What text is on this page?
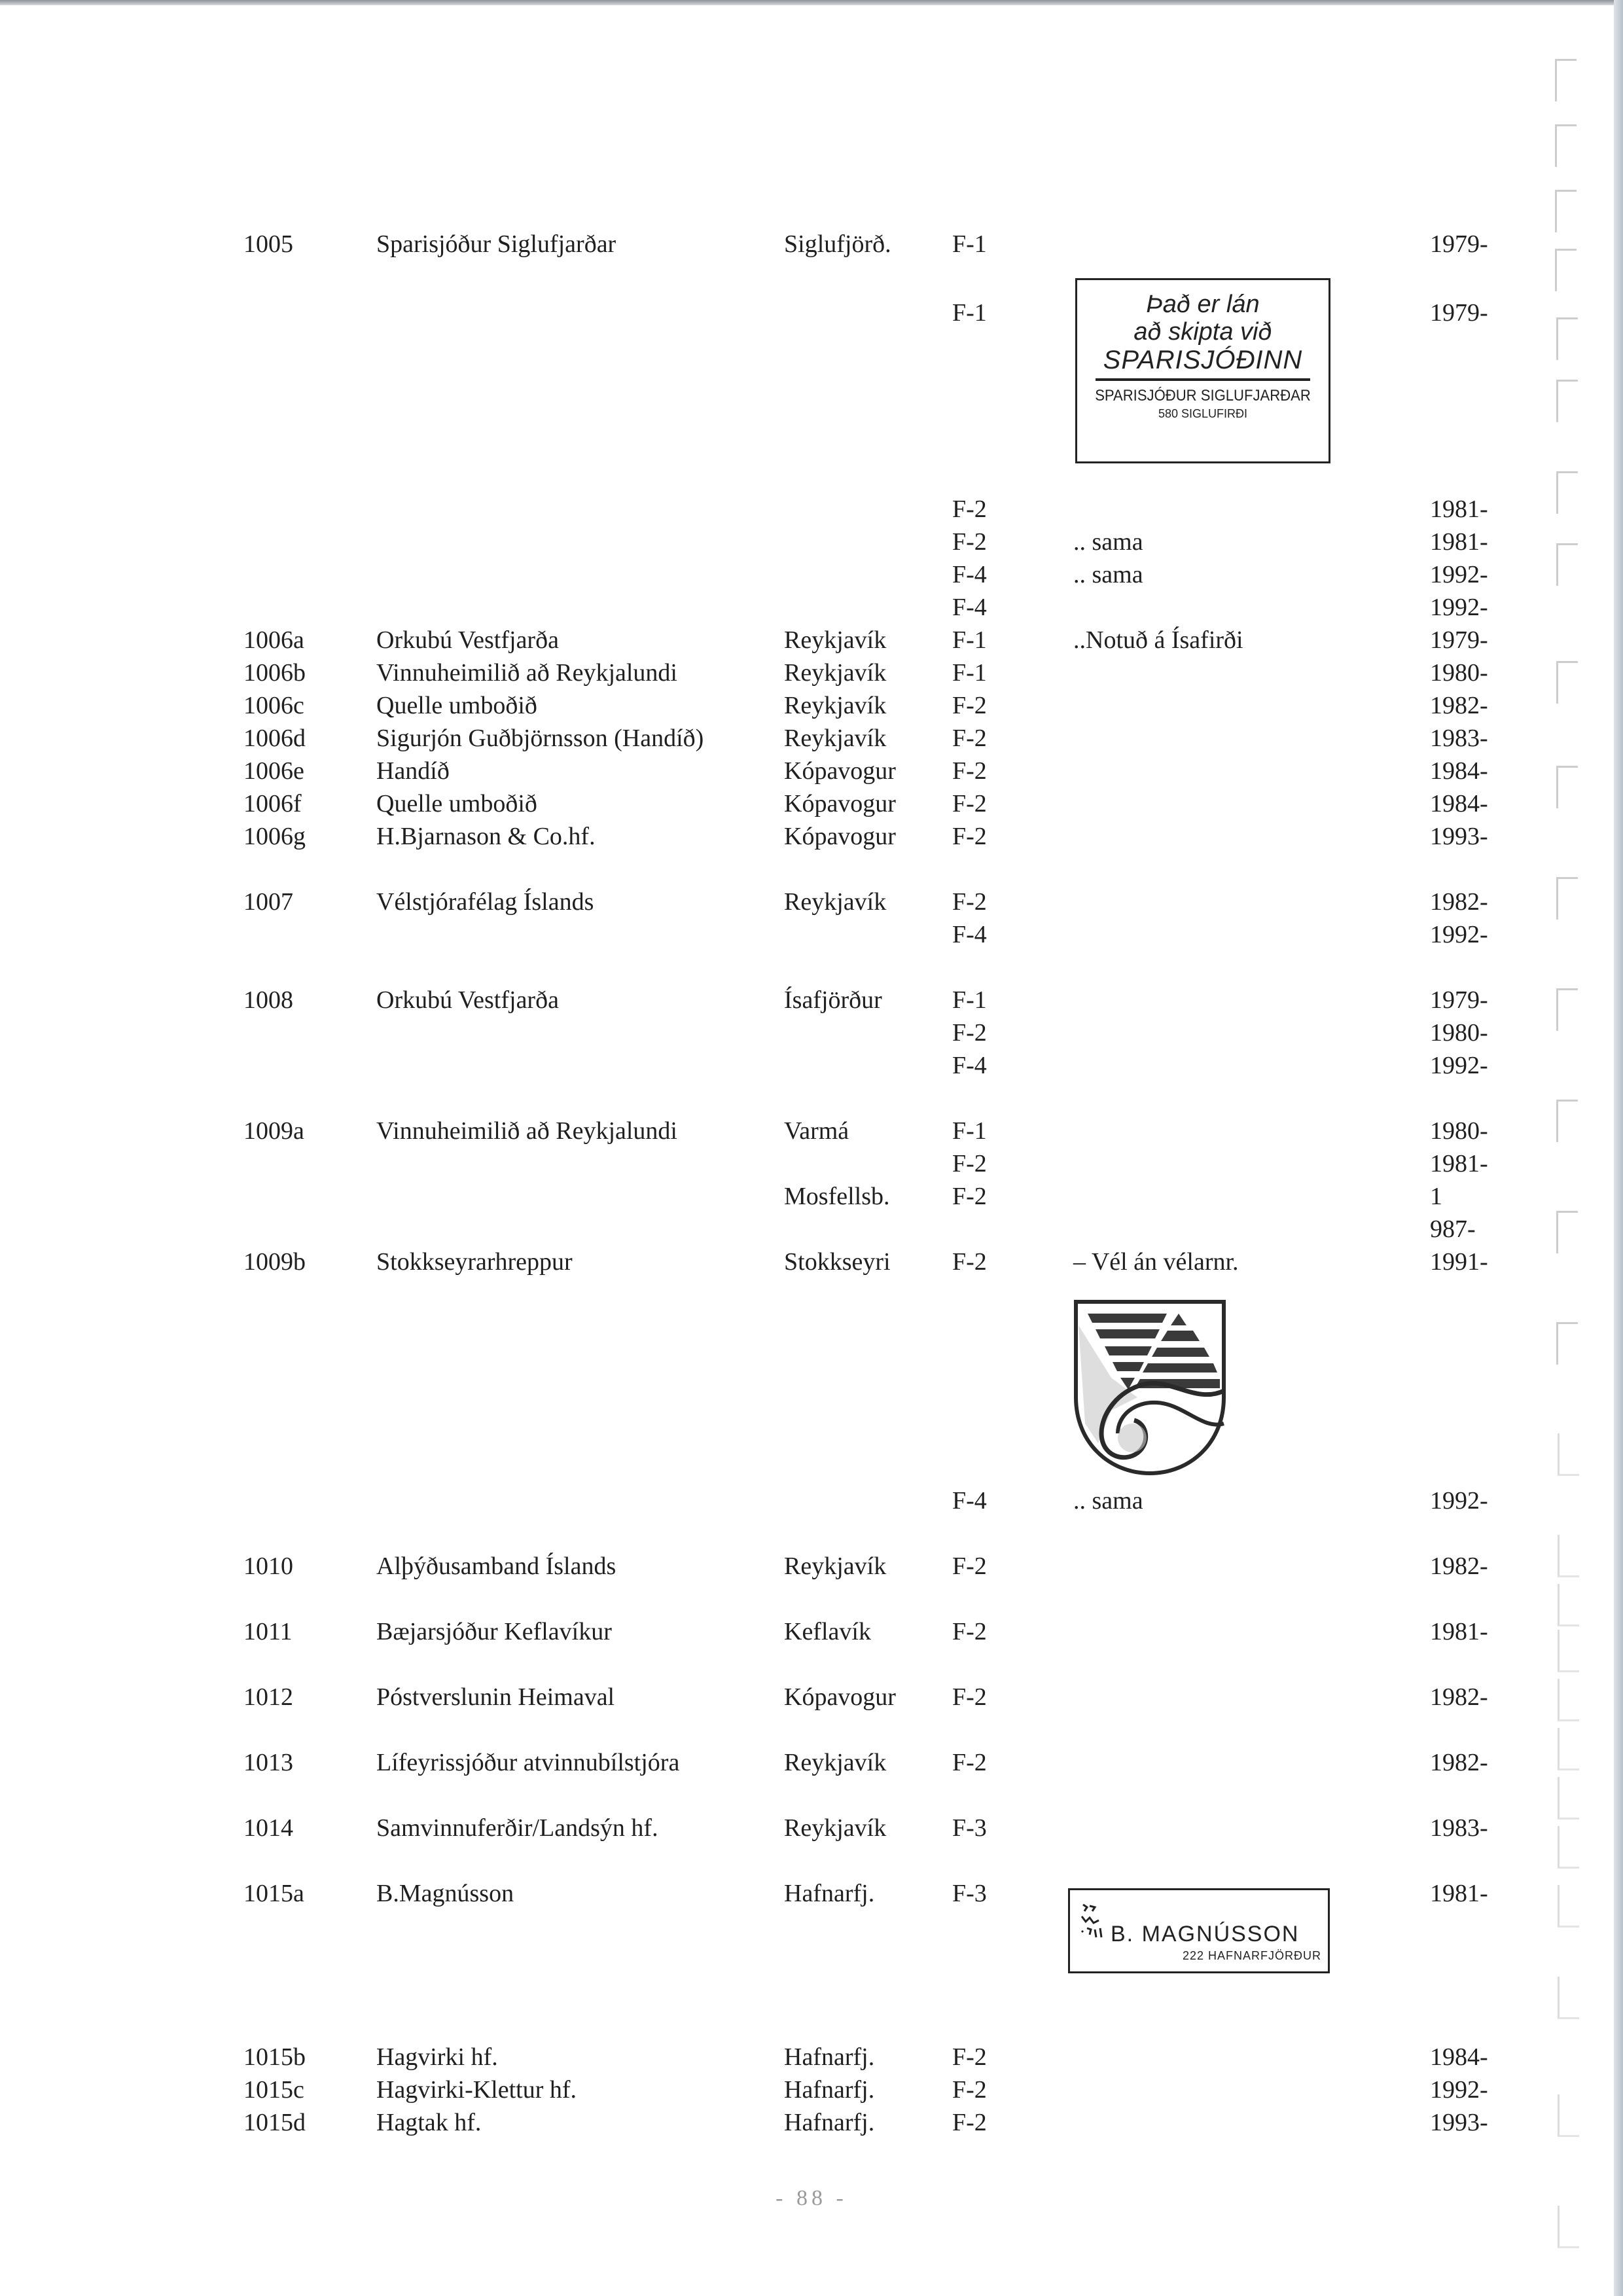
1005	Sparisjóður Siglufjarðar	Siglufjörð. F-1	1979-
F-1	1979-
F-2	1981-
F-2	.. sama	1981-
F-4	.. sama	1992-
F-4	1992-
1006a	Orkubú Vestfjarða	Reykjavík	F-1	..Notuð á Ísafirði	1979-
1006b	Vinnuheimilið að Reykjalundi	Reykjavík	F-1	1980-
1006c	Quelle umboðið	Reykjavík	F-2	1982-
1006d	Sigurjón Guðbjörnsson (Handíð)	Reykjavík	F-2	1983-
1006e	Handíð	Kópavogur F-2	1984-
1006f	Quelle umboðið	Kópavogur F-2	1984-
1006g	H.Bjarnason & Co.hf.	Kópavogur F-2	1993-
1007	Vélstjórafélag Íslands	Reykjavík	F-2	1982-
F-4	1992-
1008	Orkubú Vestfjarða	Ísafjörður	F-1	1979-
F-2	1980-
F-4	1992-
1009a	Vinnuheimilið að Reykjalundi	Varmá	F-1	1980-
F-2	1981-
Mosfellsb.	F-2	1
987-
1009b	Stokkseyrarhreppur	Stokkseyri F-2	– Vél án vélarnr.	1991-
F-4	.. sama	1992-
1010	Alþýðusamband Íslands	Reykjavík	F-2	1982-
1011	Bæjarsjóður Keflavíkur	Keflavík	F-2	1981-
1012	Póstverslunin Heimaval	Kópavogur F-2	1982-
1013	Lífeyrissjóður atvinnubílstjóra	Reykjavík	F-2	1982-
1014	Samvinnuferðir/Landsýn hf.	Reykjavík	F-3	1983-
1015a	B.Magnússon	Hafnarfj.	F-3	1981-
1015b	Hagvirki hf.	Hafnarfj.	F-2	1984-
1015c	Hagvirki-Klettur hf.	Hafnarfj.	F-2	1992-
1015d	Hagtak hf.	Hafnarfj.	F-2	1993-
Það er lán
að skipta við
SPARISJÓÐINN
SPARISJÓÐUR SIGLUFJARÐAR
580 SIGLUFIRÐI
B. MAGNÚSSON
222 HAFNARFJÖRÐUR
- 88 -
